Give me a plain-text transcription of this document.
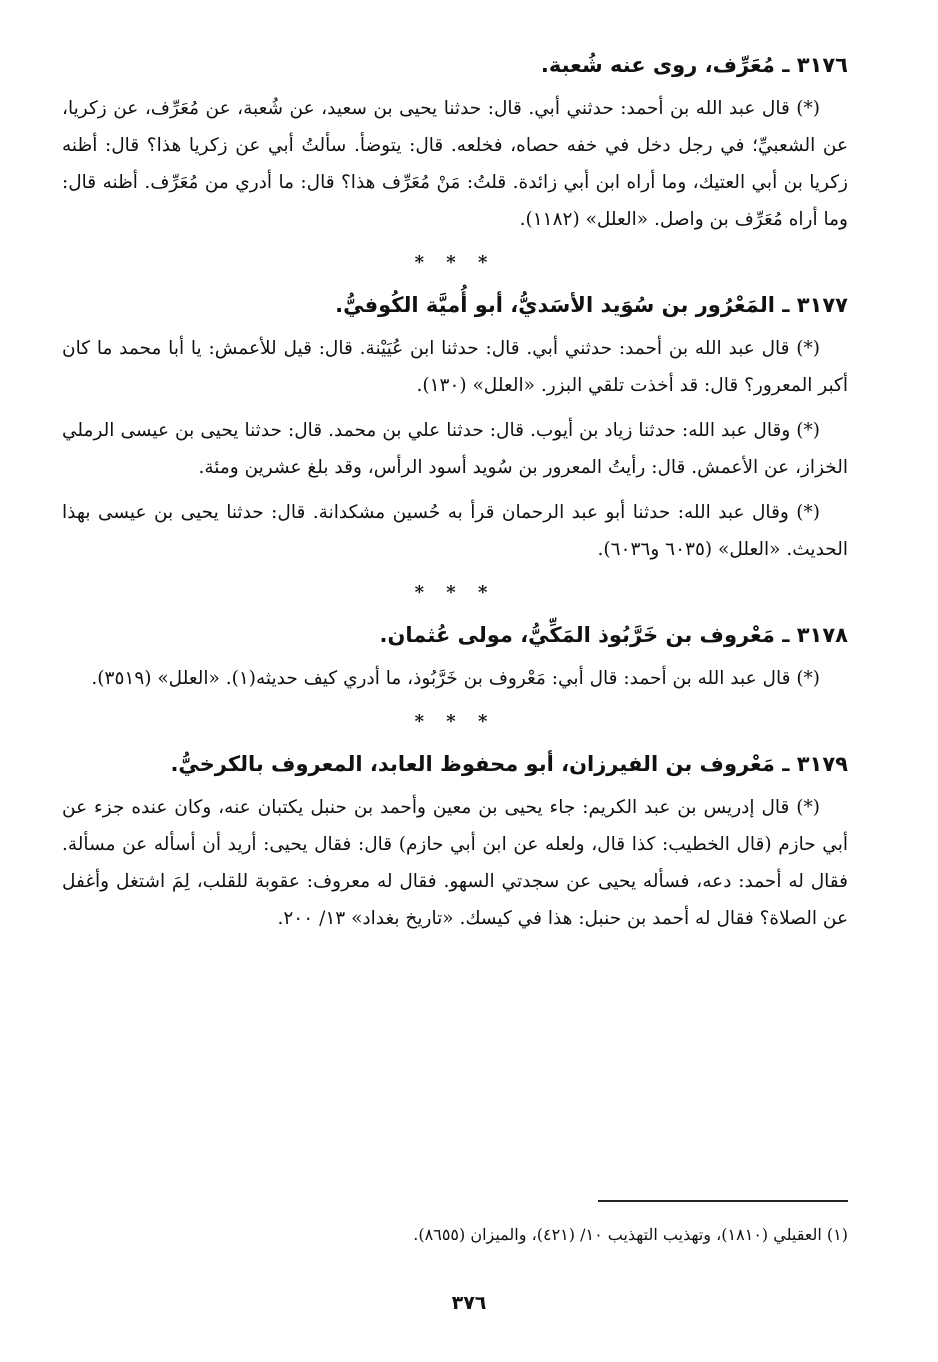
٣١٧٦ ـ مُعَرِّف، روى عنه شُعبة.

(*) قال عبد الله بن أحمد: حدثني أبي. قال: حدثنا يحيى بن سعيد، عن شُعبة، عن مُعَرِّف، عن زكريا، عن الشعبيِّ؛ في رجل دخل في خفه حصاه، فخلعه. قال: يتوضأ. سألتُ أبي عن زكريا هذا؟ قال: أظنه زكريا بن أبي العتيك، وما أراه ابن أبي زائدة. قلتُ: مَنْ مُعَرِّف هذا؟ قال: ما أدري من مُعَرِّف. أظنه قال: وما أراه مُعَرِّف بن واصل. «العلل» (١١٨٢).

* * *
٣١٧٧ ـ المَعْرُور بن سُوَيد الأسَديُّ، أبو أُميَّة الكُوفيُّ.

(*) قال عبد الله بن أحمد: حدثني أبي. قال: حدثنا ابن عُيَيْنة. قال: قيل للأعمش: يا أبا محمد ما كان أكبر المعرور؟ قال: قد أخذت تلقي البزر. «العلل» (١٣٠).

(*) وقال عبد الله: حدثنا زياد بن أيوب. قال: حدثنا علي بن محمد. قال: حدثنا يحيى بن عيسى الرملي الخزاز، عن الأعمش. قال: رأيتُ المعرور بن سُويد أسود الرأس، وقد بلغ عشرين ومئة.

(*) وقال عبد الله: حدثنا أبو عبد الرحمان قرأ به حُسين مشكدانة. قال: حدثنا يحيى بن عيسى بهذا الحديث. «العلل» (٦٠٣٥ و٦٠٣٦).

* * *
٣١٧٨ ـ مَعْروف بن خَرَّبُوذ المَكِّيُّ، مولى عُثمان.

(*) قال عبد الله بن أحمد: قال أبي: مَعْروف بن خَرَّبُوذ، ما أدري كيف حديثه(١). «العلل» (٣٥١٩).

* * *
٣١٧٩ ـ مَعْروف بن الفيرزان، أبو محفوظ العابد، المعروف بالكرخيُّ.

(*) قال إدريس بن عبد الكريم: جاء يحيى بن معين وأحمد بن حنبل يكتبان عنه، وكان عنده جزء عن أبي حازم (قال الخطيب: كذا قال، ولعله عن ابن أبي حازم) قال: فقال يحيى: أريد أن أسأله عن مسألة. فقال له أحمد: دعه، فسأله يحيى عن سجدتي السهو. فقال له معروف: عقوبة للقلب، لِمَ اشتغل وأغفل عن الصلاة؟ فقال له أحمد بن حنبل: هذا في كيسك. «تاريخ بغداد» ١٣/ ٢٠٠.

(١) العقيلي (١٨١٠)، وتهذيب التهذيب ١٠/ (٤٢١)، والميزان (٨٦٥٥).
٣٧٦
